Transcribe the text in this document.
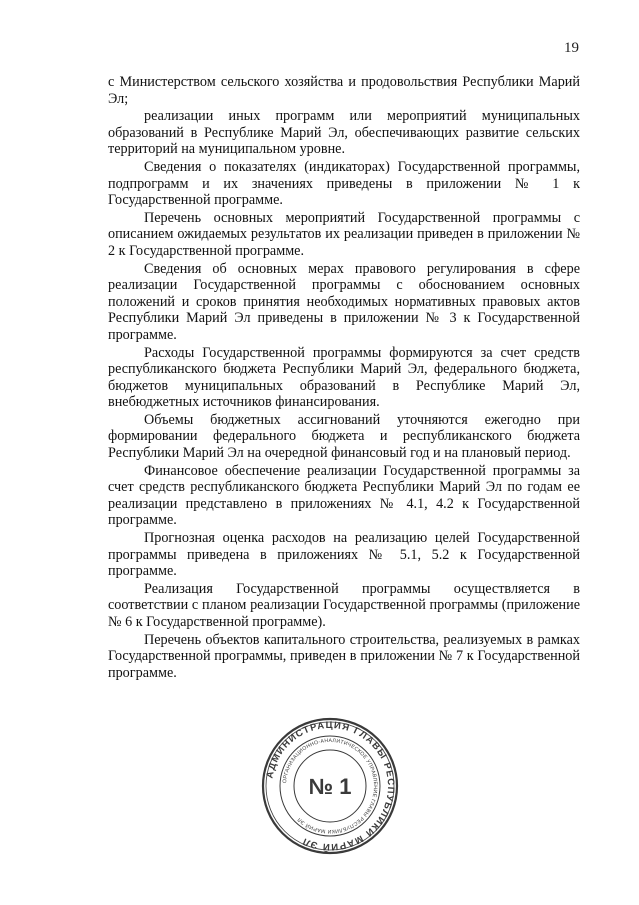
19

с Министерством сельского хозяйства и продовольствия Республики Марий Эл;

реализации иных программ или мероприятий муниципальных образований в Республике Марий Эл, обеспечивающих развитие сельских территорий на муниципальном уровне.

Сведения о показателях (индикаторах) Государственной программы, подпрограмм и их значениях приведены в приложении № 1 к Государственной программе.

Перечень основных мероприятий Государственной программы с описанием ожидаемых результатов их реализации приведен в приложении № 2 к Государственной программе.

Сведения об основных мерах правового регулирования в сфере реализации Государственной программы с обоснованием основных положений и сроков принятия необходимых нормативных правовых актов Республики Марий Эл приведены в приложении № 3 к Государственной программе.

Расходы Государственной программы формируются за счет средств республиканского бюджета Республики Марий Эл, федерального бюджета, бюджетов муниципальных образований в Республике Марий Эл, внебюджетных источников финансирования.

Объемы бюджетных ассигнований уточняются ежегодно при формировании федерального бюджета и республиканского бюджета Республики Марий Эл на очередной финансовый год и на плановый период.

Финансовое обеспечение реализации Государственной программы за счет средств республиканского бюджета Республики Марий Эл по годам ее реализации представлено в приложениях № 4.1, 4.2 к Государственной программе.

Прогнозная оценка расходов на реализацию целей Государственной программы приведена в приложениях № 5.1, 5.2 к Государственной программе.

Реализация Государственной программы осуществляется в соответствии с планом реализации Государственной программы (приложение № 6 к Государственной программе).

Перечень объектов капитального строительства, реализуемых в рамках Государственной программы, приведен в приложении № 7 к Государственной программе.

АДМИНИСТРАЦИЯ ГЛАВЫ РЕСПУБЛИКИ МАРИЙ ЭЛ
ОРГАНИЗАЦИОННО-АНАЛИТИЧЕСКОЕ УПРАВЛЕНИЕ ГЛАВЫ РЕСПУБЛИКИ МАРИЙ ЭЛ
№ 1
